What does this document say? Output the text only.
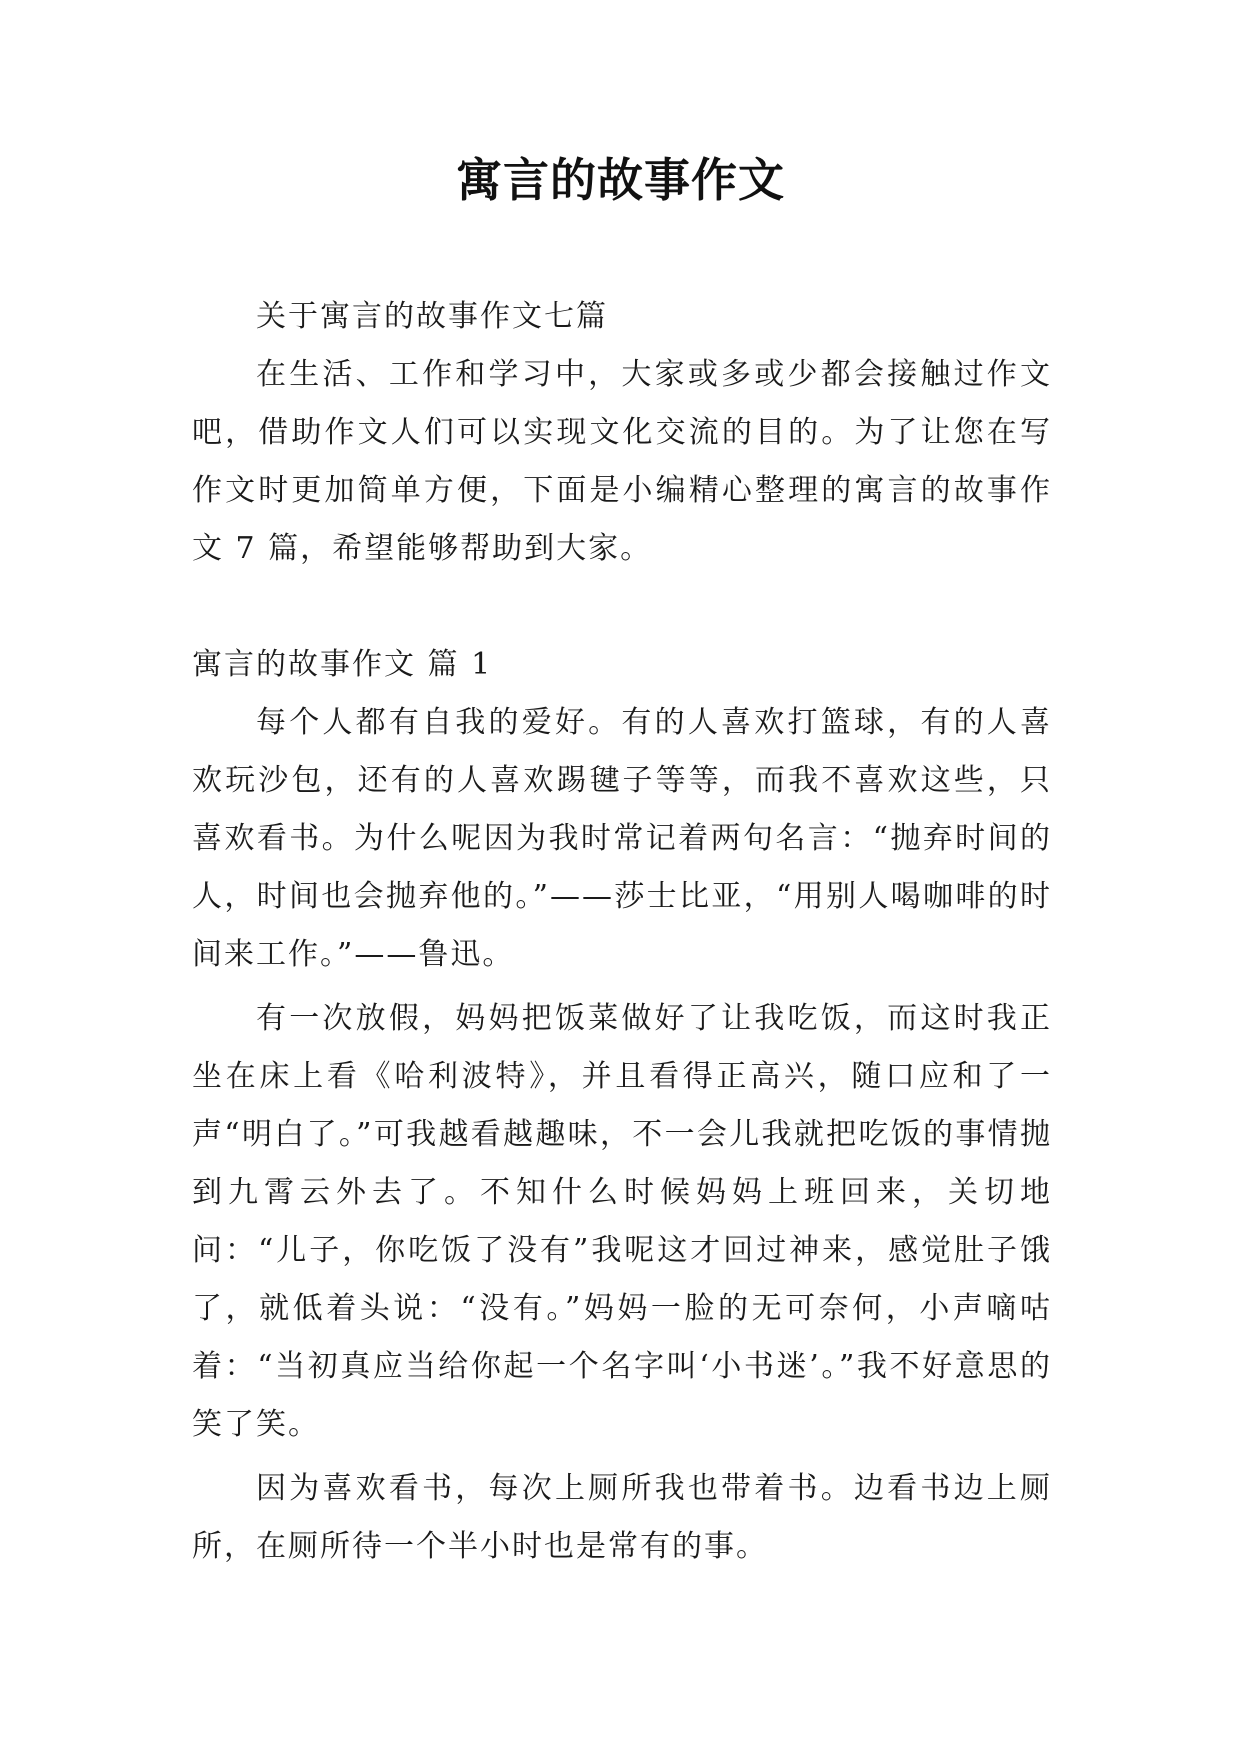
寓言的故事作文

关于寓言的故事作文七篇

在生活、工作和学习中，大家或多或少都会接触过作文吧，借助作文人们可以实现文化交流的目的。为了让您在写作文时更加简单方便，下面是小编精心整理的寓言的故事作文 7 篇，希望能够帮助到大家。

寓言的故事作文 篇 1

每个人都有自我的爱好。有的人喜欢打篮球，有的人喜欢玩沙包，还有的人喜欢踢毽子等等，而我不喜欢这些，只喜欢看书。为什么呢因为我时常记着两句名言：“抛弃时间的人，时间也会抛弃他的。”——莎士比亚，“用别人喝咖啡的时间来工作。”——鲁迅。

有一次放假，妈妈把饭菜做好了让我吃饭，而这时我正坐在床上看《哈利波特》，并且看得正高兴，随口应和了一声“明白了。”可我越看越趣味，不一会儿我就把吃饭的事情抛到九霄云外去了。不知什么时候妈妈上班回来，关切地问：“儿子，你吃饭了没有”我呢这才回过神来，感觉肚子饿了，就低着头说：“没有。”妈妈一脸的无可奈何，小声嘀咕着：“当初真应当给你起一个名字叫‘小书迷’。”我不好意思的笑了笑。

因为喜欢看书，每次上厕所我也带着书。边看书边上厕所，在厕所待一个半小时也是常有的事。
